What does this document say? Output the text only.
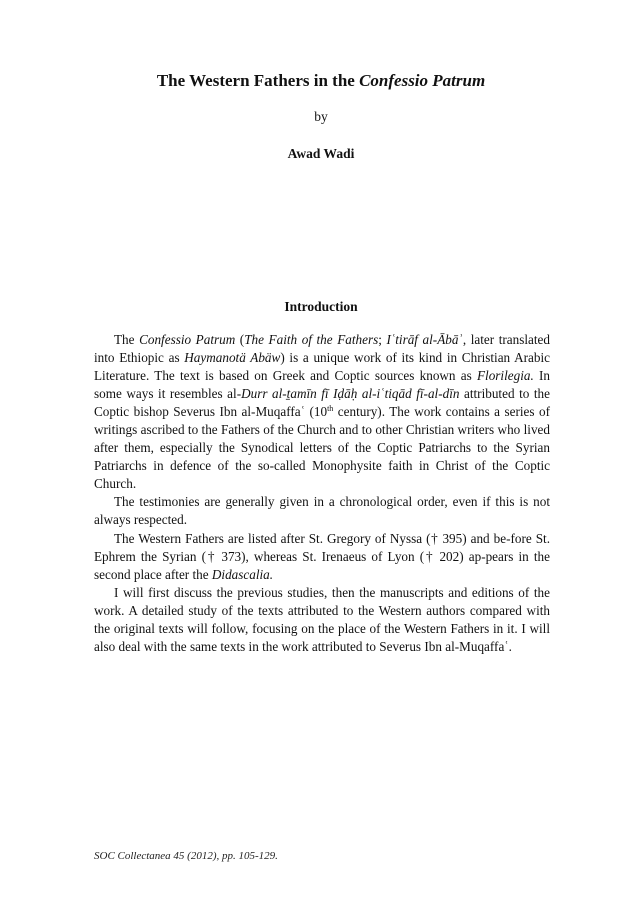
The Western Fathers in the Confessio Patrum
by
Awad Wadi
Introduction

The Confessio Patrum (The Faith of the Fathers; Iʿtirāf al-Ābāʾ, later translated into Ethiopic as Haymanotä Abäw) is a unique work of its kind in Christian Arabic Literature. The text is based on Greek and Coptic sources known as Florilegia. In some ways it resembles al-Durr al-ṯamīn fī Iḍāḥ al-iʿtiqād fī-al-dīn attributed to the Coptic bishop Severus Ibn al-Muqaffaʿ (10th century). The work contains a series of writings ascribed to the Fathers of the Church and to other Christian writers who lived after them, especially the Synodical letters of the Coptic Patriarchs to the Syrian Patriarchs in defence of the so-called Monophysite faith in Christ of the Coptic Church.

The testimonies are generally given in a chronological order, even if this is not always respected.

The Western Fathers are listed after St. Gregory of Nyssa († 395) and be-fore St. Ephrem the Syrian († 373), whereas St. Irenaeus of Lyon († 202) ap-pears in the second place after the Didascalia.

I will first discuss the previous studies, then the manuscripts and editions of the work. A detailed study of the texts attributed to the Western authors compared with the original texts will follow, focusing on the place of the Western Fathers in it. I will also deal with the same texts in the work attributed to Severus Ibn al-Muqaffaʿ.

SOC Collectanea 45 (2012), pp. 105-129.
